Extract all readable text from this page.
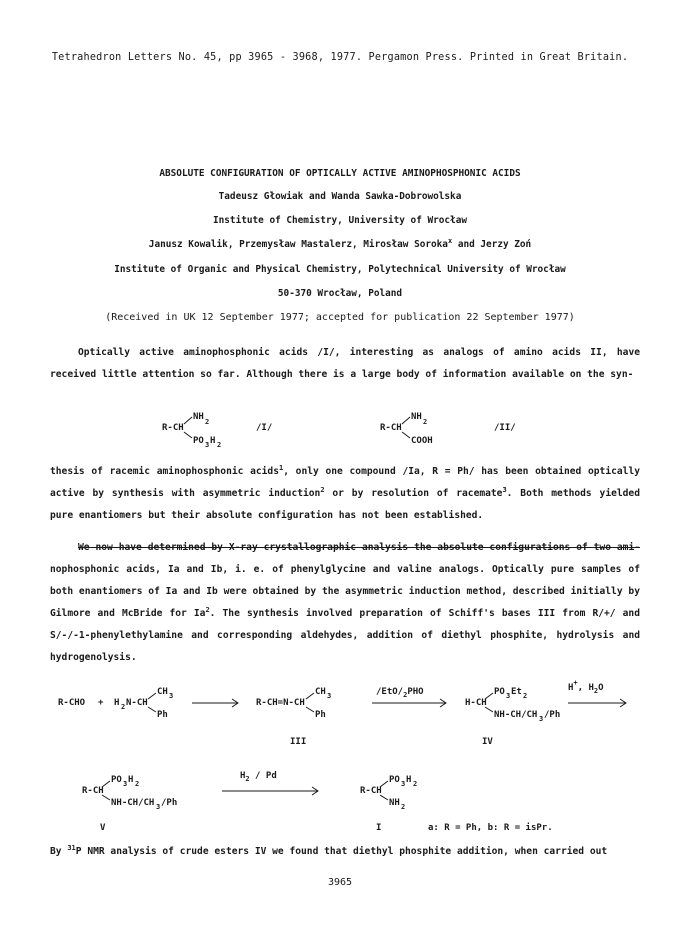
Tetrahedron Letters No. 45, pp 3965 - 3968, 1977. Pergamon Press. Printed in Great Britain.
ABSOLUTE CONFIGURATION OF OPTICALLY ACTIVE AMINOPHOSPHONIC ACIDS
Tadeusz Głowiak and Wanda Sawka-Dobrowolska
Institute of Chemistry, University of Wrocław
Janusz Kowalik, Przemysław Mastalerz, Mirosław Soroka$^x$ and Jerzy Zoń
Institute of Organic and Physical Chemistry, Polytechnical University of Wrocław
50-370 Wrocław, Poland
(Received in UK 12 September 1977; accepted for publication 22 September 1977)

Optically active aminophosphonic acids /I/, interesting as analogs of amino acids II, have received little attention so far. Although there is a large body of information available on the syn-

thesis of racemic aminophosphonic acids$^1$, only one compound /Ia, R = Ph/ has been obtained optically active by synthesis with asymmetric induction$^2$ or by resolution of racemate$^3$. Both methods yielded pure enantiomers but their absolute configuration has not been established.
We now have determined by X-ray crystallographic analysis the absolute configurations of two ami- nophosphonic acids, Ia and Ib, i. e. of phenylglycine and valine analogs. Optically pure samples of both enantiomers of Ia and Ib were obtained by the asymmetric induction method, described initially by Gilmore and McBride for Ia$^2$. The synthesis involved preparation of Schiff's bases III from R/+/ and S/-/-1-phenylethylamine and corresponding aldehydes, addition of diethyl phosphite, hydrolysis and hydrogenolysis.
R-CH
NH 2
PO 3 H 2
/I/	R-CH
NH 2
COOH
/II/
R-CHO + H 2 N-CH
CH 3
Ph
R-CH=N-CH
CH 3
Ph
$/EtO/_2PHO$
H-CH
PO 3 Et 2
NH-CH/CH 3 /Ph
H+, $H_2O$
III	IV
R-CH
PO 3 H 2
NH-CH/CH 3 /Ph
$H_2$ / Pd
R-CH
PO 3 H 2
NH 2
V	I	a: R = Ph, b: R = isPr.
By $^{31}$P NMR analysis of crude esters IV we found that diethyl phosphite addition, when carried out
3965
